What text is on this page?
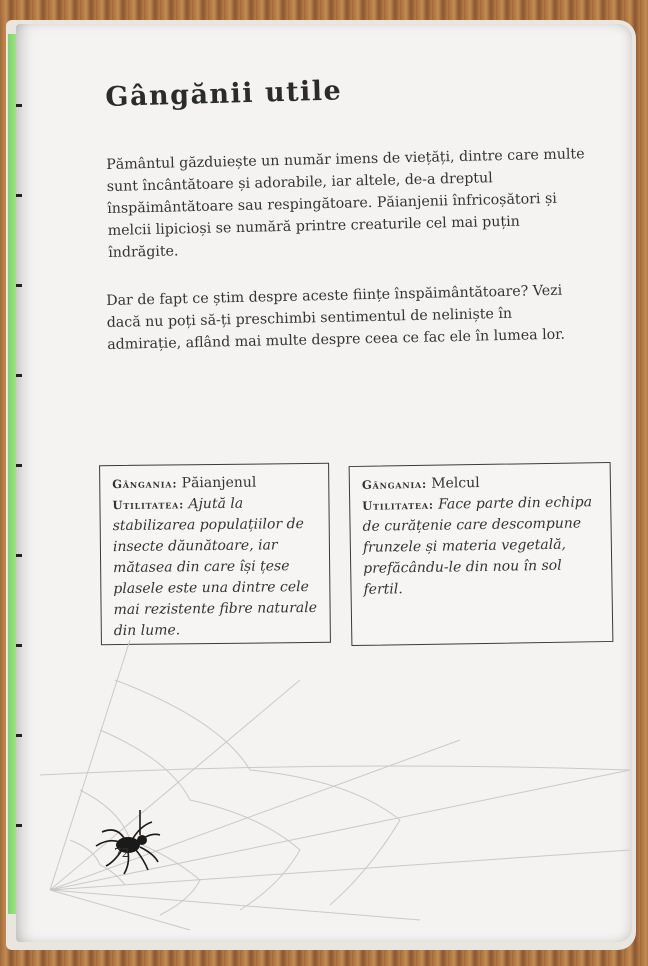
Gângănii utile

Pământul găzduiește un număr imens de viețăți, dintre care multe sunt încântătoare și adorabile, iar altele, de-a dreptul înspăimântătoare sau respingătoare. Păianjenii înfricoșători și melcii lipicioși se numără printre creaturile cel mai puțin îndrăgite.

Dar de fapt ce știm despre aceste ființe înspăimântătoare? Vezi dacă nu poți să-ți preschimbi sentimentul de neliniște în admirație, aflând mai multe despre ceea ce fac ele în lumea lor.

Gângania: Păianjenul
Utilitatea: Ajută la stabilizarea populațiilor de insecte dăunătoare, iar mătasea din care își țese plasele este una dintre cele mai rezistente fibre naturale din lume.
Gângania: Melcul
Utilitatea: Face parte din echipa de curățenie care descompune frunzele și materia vegetală, prefăcându-le din nou în sol fertil.

72
